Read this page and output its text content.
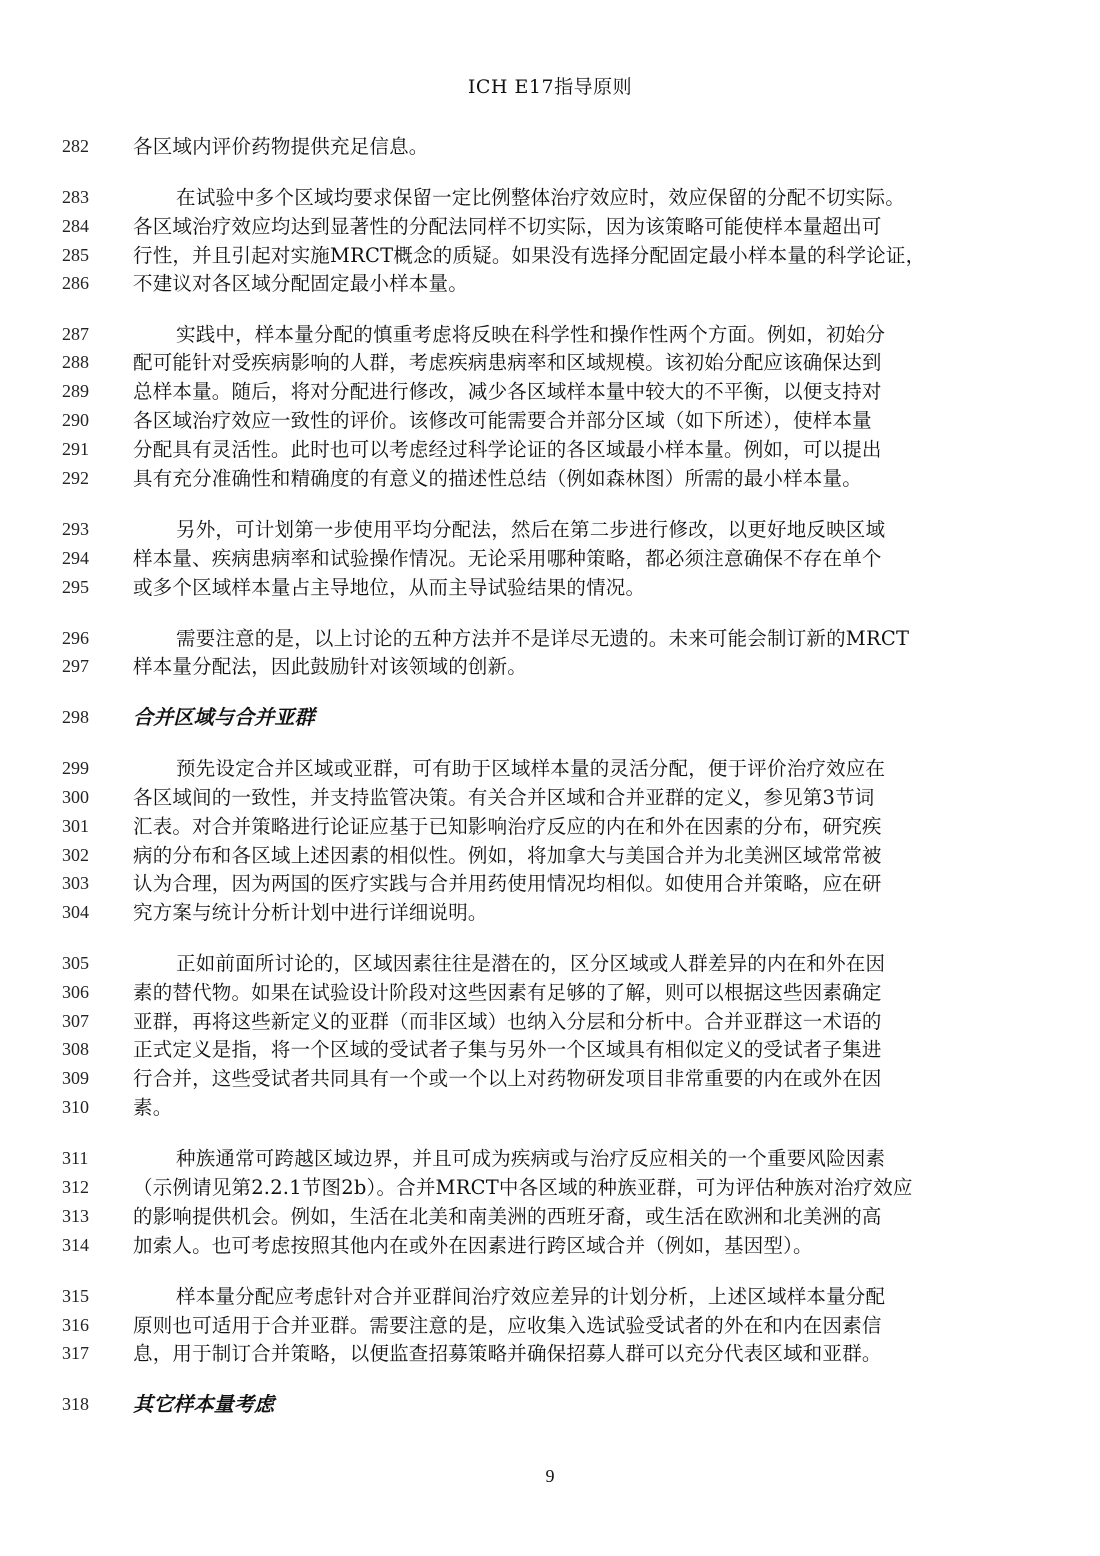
ICH E17指导原则
282	各区域内评价药物提供充足信息。
283	在试验中多个区域均要求保留一定比例整体治疗效应时，效应保留的分配不切实际。
284	各区域治疗效应均达到显著性的分配法同样不切实际，因为该策略可能使样本量超出可
285	行性，并且引起对实施MRCT概念的质疑。如果没有选择分配固定最小样本量的科学论证，
286	不建议对各区域分配固定最小样本量。
287	实践中，样本量分配的慎重考虑将反映在科学性和操作性两个方面。例如，初始分
288	配可能针对受疾病影响的人群，考虑疾病患病率和区域规模。该初始分配应该确保达到
289	总样本量。随后，将对分配进行修改，减少各区域样本量中较大的不平衡，以便支持对
290	各区域治疗效应一致性的评价。该修改可能需要合并部分区域（如下所述），使样本量
291	分配具有灵活性。此时也可以考虑经过科学论证的各区域最小样本量。例如，可以提出
292	具有充分准确性和精确度的有意义的描述性总结（例如森林图）所需的最小样本量。
293	另外，可计划第一步使用平均分配法，然后在第二步进行修改，以更好地反映区域
294	样本量、疾病患病率和试验操作情况。无论采用哪种策略，都必须注意确保不存在单个
295	或多个区域样本量占主导地位，从而主导试验结果的情况。
296	需要注意的是，以上讨论的五种方法并不是详尽无遗的。未来可能会制订新的MRCT
297	样本量分配法，因此鼓励针对该领域的创新。
298	合并区域与合并亚群
299	预先设定合并区域或亚群，可有助于区域样本量的灵活分配，便于评价治疗效应在
300	各区域间的一致性，并支持监管决策。有关合并区域和合并亚群的定义，参见第3节词
301	汇表。对合并策略进行论证应基于已知影响治疗反应的内在和外在因素的分布，研究疾
302	病的分布和各区域上述因素的相似性。例如，将加拿大与美国合并为北美洲区域常常被
303	认为合理，因为两国的医疗实践与合并用药使用情况均相似。如使用合并策略，应在研
304	究方案与统计分析计划中进行详细说明。
305	正如前面所讨论的，区域因素往往是潜在的，区分区域或人群差异的内在和外在因
306	素的替代物。如果在试验设计阶段对这些因素有足够的了解，则可以根据这些因素确定
307	亚群，再将这些新定义的亚群（而非区域）也纳入分层和分析中。合并亚群这一术语的
308	正式定义是指，将一个区域的受试者子集与另外一个区域具有相似定义的受试者子集进
309	行合并，这些受试者共同具有一个或一个以上对药物研发项目非常重要的内在或外在因
310	素。
311	种族通常可跨越区域边界，并且可成为疾病或与治疗反应相关的一个重要风险因素
312	（示例请见第2.2.1节图2b）。合并MRCT中各区域的种族亚群，可为评估种族对治疗效应
313	的影响提供机会。例如，生活在北美和南美洲的西班牙裔，或生活在欧洲和北美洲的高
314	加索人。也可考虑按照其他内在或外在因素进行跨区域合并（例如，基因型）。
315	样本量分配应考虑针对合并亚群间治疗效应差异的计划分析，上述区域样本量分配
316	原则也可适用于合并亚群。需要注意的是，应收集入选试验受试者的外在和内在因素信
317	息，用于制订合并策略，以便监查招募策略并确保招募人群可以充分代表区域和亚群。
318	其它样本量考虑
9
